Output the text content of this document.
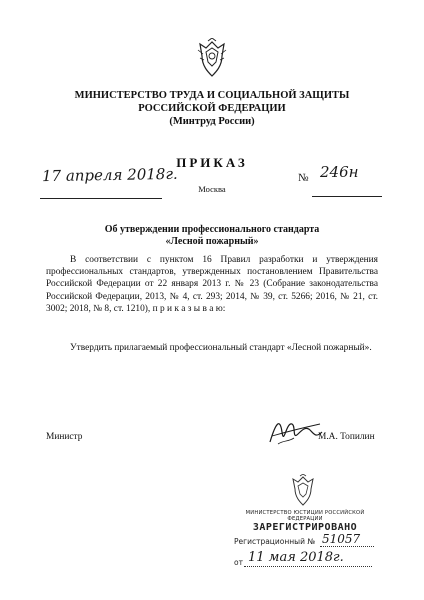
МИНИСТЕРСТВО ТРУДА И СОЦИАЛЬНОЙ ЗАЩИТЫ
РОССИЙСКОЙ ФЕДЕРАЦИИ
(Минтруд России)
ПРИКАЗ
17 апреля 2018г.
Москва
№ 246н
Об утверждении профессионального стандарта
«Лесной пожарный»
В соответствии с пунктом 16 Правил разработки и утверждения профессиональных стандартов, утвержденных постановлением Правительства Российской Федерации от 22 января 2013 г. № 23 (Собрание законодательства Российской Федерации, 2013, № 4, ст. 293; 2014, № 39, ст. 5266; 2016, № 21, ст. 3002; 2018, № 8, ст. 1210), п р и к а з ы в а ю:
Утвердить прилагаемый профессиональный стандарт «Лесной пожарный».
Министр	М.А. Топилин
МИНИСТЕРСТВО ЮСТИЦИИ РОССИЙСКОЙ ФЕДЕРАЦИИ
ЗАРЕГИСТРИРОВАНО
Регистрационный № 51057
от 11 мая 2018г.
